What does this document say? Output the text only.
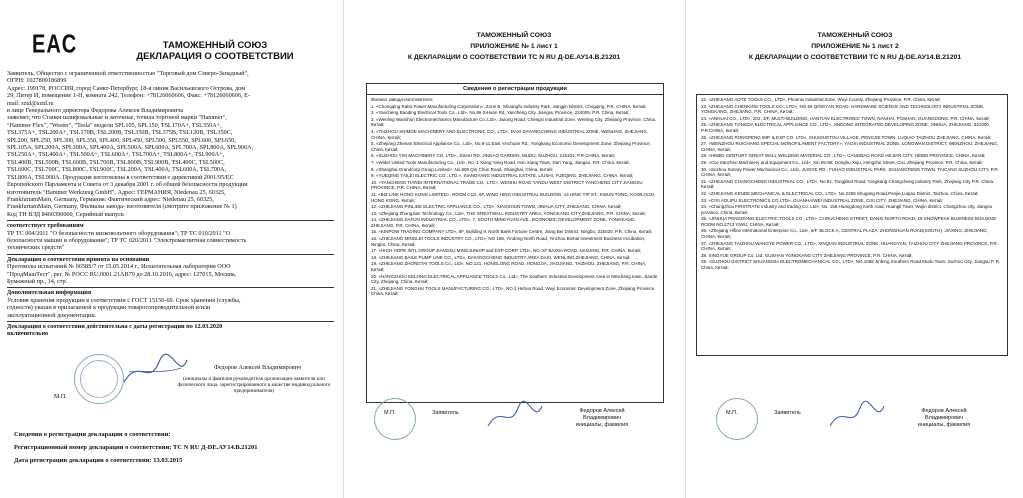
EAC	ТАМОЖЕННЫЙ СОЮЗ
ДЕКЛАРАЦИЯ О СООТВЕТСТВИИ
Заявитель, Общество с ограниченной ответственностью "Торговый дом Северо-Западный",
ОГРН: 1027809186899
Адрес: 199178, РОССИЯ, город Санкт-Петербург, 18-я линия Васильевского Острова, дом
29, Литер И, помещение 1-Н, комната 242, Телефон: +78126060606, Факс: +78126060606, E-
mail: sztd@sztd.ru
в лице Генерального директора Федорова Алексея Владимировича
заявляет, что Станки шлифовальные и заточные, точила торговой марки "Hammer",
"Hammer Flex", "Wester", "Tesla" модели SPL105, SPL150, TSL170A+, TSL350A+,
TSL375A+, TSL200A+, TSL170B, TSL200B, TSL350B, TSL375B, TSL120B, TSL350C,
SPL200, SPL250, SPL300, SPL350, SPL400, SPL450, SPL500, SPL550, SPL600, SPL650,
SPL105A, SPL200A, SPL300A, SPL400A, SPL500A, SPL600A, SPL700A, SPL800A, SPL900A,
TSL250A+, TSL400A+, TSL500A+, TSL600A+, TSL700A+, TSL800A+, TSL900A+,
TSL400B, TSL500B, TSL600B, TSL700B, TSL800B, TSL900B, TSL400C, TSL500C,
TSL600C, TSL700C, TSL800C, TSL900C, TSL200A, TSL400A, TSL600A, TSL700A,
TSL800A, TSL900A. Продукция изготовлена в соответствии с директивой 2001/95/ЕС
Европейского Парламента и Совета от 3 декабря 2001 г. об общей безопасности продукции
изготовитель "Hammer Werkzeug GmbH", Адрес: ГЕРМАНИЯ, Niedenau 25, 60325,
FrankfurtamMain, Germany, Германия. Фактический адрес: Niedenau 25, 60325,
FrankfurtamMain, Germany, Филиалы завода- изготовителя (смотрите приложение № 1)
Код ТН ВЭД 8460390000, Серийный выпуск
соответствует требованиям
ТР ТС 004/2011 "О безопасности низковольтного оборудования"; ТР ТС 010/2011 "О
безопасности машин и оборудования"; ТР ТС 020/2011 "Электромагнитная совместимость
технических средств"
Декларация о соответствии принята на основании
Протоколы испытаний № 6658S/7 от 15.05.2014 г., Испытательная лаборатория ООО
"ПродМашТест", рег. № РОСС RU.0001.21АВ79 до 28.10.2016, адрес: 127015, Москва,
Бумажный пр., 14, стр.
Дополнительная информация
Условия хранения продукции в соответствии с ГОСТ 15150-69. Срок хранения (службы,
годности) указан в прилагаемой к продукции товаросопроводительной и/или
эксплуатационной документации.
Декларация о соответствии действительна с даты регистрации по 12.03.2020
включительно
М.П.
Федоров Алексей Владимирович
(инициалы и фамилия руководителя организации-заявителя или физического лица, зарегистрированного в качестве индивидуального предпринимателя)
Сведения о регистрации декларации о соответствии:
Регистрационный номер декларации о соответствии: ТС N RU Д-DE.АУ14.В.21201
Дата регистрации декларации о соответствии: 13.03.2015
ТАМОЖЕННЫЙ СОЮЗ
ПРИЛОЖЕНИЕ № 1 лист 1
К ДЕКЛАРАЦИИ О СООТВЕТСТВИИ ТС N RU Д-DE.АУ14.В.21201
Сведения о регистрации продукции
Филиал завода-изготовителя:
1. «Chongqing Ratto Power Manufacturing Corporation», Zone B, Shuangfu Industry Park, Jiangjin District, Chogqing, P.R. CHINA, Китай;
2. «Yancheng Baoding Electrical Tools Co., Ltd», No.86 XiHuan Rd, Yancheng City, Jiangsu Province, 224005, P.R. China, Китай;
3. «Wenling Wanshun Electromechanics Manufacture Co.,Ltd», Jiulong Road, Chengxi Industrial Zone, Wenling City, Zhejiang Province, China, Китай;
4. «TAIZHOU SHIMGE MACHINERY AND ELECTRONIC CO., LTD», DAXI DAYANGCHENG INDUSTRIAL ZONE, WENLING, ZHEJIANG, CHINA, Китай;
5. «Zhejiang Zhenan Electrical Appliance Co., Ltd», No.9-11 East Yinchuan Rd., Yongkang Economic Development Zone, Zhejiang Province, China, Китай;
6. «SUZHOU YISI MACHINERY CO. LTD», JISHU RD. JINGAO GARDEN, MUDU, SUZHOU, 215101, P.R.CHINA, Китай;
7. «Wider United Tools Manufacturing Co., Ltd», No. 1 Xiang Yang Road, Hou Xiang Town, Dan Yang, Jiangsu, P.R. China, Китай;
8. «Shanghai Grandcorp Group Limited», No.808 Qin Chun Road, Shanghai, China, Китай;
9. «YUEQING TAILEI ELECTRIC CO., LTD.», XIANGYANG INDUSTRIAL ESTATE, LIUSHI, YUEQING, ZHEJIANG, CHINA, Китай;
10. «YANCHENG TIANDI INTERNATIONAL TRADE CO., LTD», WENHU ROAD YANDU WEST DISTRICT YANCHENG CITY JIANGSU PROVINCE, P.R. CHINA, Китай;
11. «BIZ LINK HONG KONG LIMITED», ROOM C1D, 6F, WING HING INDUSTRIAL BUILDING, 14 HING YIP ST., KWUN TONG, KOWLOON, HONG KONG, Китай;
12. «ZHEJIANG PINLIDE ELECTRIC APPLIANCE CO., LTD», XIAOSHUN TOWN, JINHUA CITY, ZHEJIANG, CHINA, Китай;
13. «Zhejiang ZhongJian Technology Co., Ltd», THE GREATWALL INDUSTRY AREA, YONGKANG CITY,ZHEJIANG, P.R. CHINA, Китай;
14. «ZHEJIANG SAFUN INDUSTRIAL CO., LTD», 7, SOUTH MINGYUAN AVE., ECONOMIC DEVELOPMENT ZONE, YONGKANG, ZHEJIANG, P.R. CHINA, Китай;
15. «KINPOW TRADING COMPANY LTD», 8F, Building 9, North Bank Fortune Centre, Jiang Bei District, Ningbo, 315020, P.R. China, Китай;
16. «ZHEJIANG MINGLEI TOOLS INDUSTRY CO., LTD», NO 186, Yindong North Road, Yinzhou Binhai Investment Business Incubation, Ningbo, China, Китай;
17. «HIGH HOPE INTL GROUP JIANGSU MINGJUNHIP and EXP CORP. LTD», NO. 87 BAIXIA ROAD, NANJING, P.R. CHINA, Китай;
18. «ZHEJIANG BAILE PUMP LINE CO., LTD», DAYANGCHENG INDUSTRY AREA DAXI, WENLING,ZHEJIANG, CHINA, Китай;
19. «ZHEJIANG ZHONGTAI TOOLS Co., Ltd», NO.121, HONGLONG ROAD, HONGJIA, JIAOJIANG, TAIZHOU, ZHEJIANG, P.R. CHINA, Китай;
20. «HANGZHOU KELONG ELECTRICAL APPLIANCE TOOLS Co., Ltd», The Southern Industrial Development Area in Meichang town, Jiande City, Zhejiang, China, Китай;
21. «ZHEJIANG YONGHU TOOLS MANUFACTURING CO., LTD», NO.2 Hehua Road, Wuyi Economic Development Zone, Zhejiang Province, China, Китай;
М.П.	Заявитель	Федоров Алексей Владимирович
инициалы, фамилия
ТАМОЖЕННЫЙ СОЮЗ
ПРИЛОЖЕНИЕ № 1 лист 2
К ДЕКЛАРАЦИИ О СООТВЕТСТВИИ ТС N RU Д-DE.АУ14.В.21201
22. «ZHEJIANG AOTE TOOLS CO., LTD», Phoenix Industrial Zone, Wuyi County, Zhejiang Province, P.R. China, Китай;
23. «ZHEJIANG CHENKING TOOLS CO., LTD», NO.55 QINGYAN ROAD, HARDWARE SCIENCE AND TECHNOLOGY INDUSTRIAL ZONE, YONGKANG, ZHEJIANG, P.R. CHINA, Китай;
24. «ANHUAI CO., LTD», 202, 3/F, MULTI-BUILDING, HANTIAN ELECTRONIC TOWN, NANHAI, FOSHAN, GUANGDONG, P.R. CHINA, Китай;
25. «ZHEJIANG TONGDA ELECTRICAL APPLIANCE CO., LTD», JINDONG INTEGRATED DEVELOPING ZONE, JINHUA, ZHEJIANG, 321000 P.R.CHINA, Китай;
26. «ZHEJIANG RONGPENG IMP. & EXP CO. LTD», SHUIGUETOU VILLAGE, PENGJIE TOWN, LUQIAO TAIZHOU ZHEJIANG, CHINA, Китай;
27. «WENZHOU RUICHANG SPECIAL MONOFILAMENT FACTORY», YAOXI INDUSTRIAL ZONE, LONGWAN DISTRICT, WENZHOU, ZHEJIANG, CHINA, Китай;
28. «HEBEI CENTURY GREAT WALL WELDING MATERIAL CO., LTD», CANGBAO ROAD HEJIAN CITY, HEBEI PROVINCE, CHINA, Китай;
29. «Cixi Sanzhen Machinery and Equipment Co., Ltd», Xin 55-58, Donghu Xiqu, Hengzhe Street, Cixi, Zhejiang Province, P.R. China, Китай;
30. «Suzhou Sunray Power Mechanical Co., Ltd», JIANYE RD., FUHAO INDUSTRIAL PARK, SHUANGFENG TOWN, TAICANG SUZHOU CITY, P.R. CHINA, Китай;
31. «ZHEJIANG CHANGCHENG INDUSTRIAL CO., LTD», No.81, Tongjilind Road, Yongkang Changcheng Industry Park, Zhejiang City P.R. China, Китай;
32. «ZHEJIANG KENDE MECHANICAL & ELECTRICAL CO., LTD», No.2299 Shugang Road,Penjie,Luqiao District, Taizhou, China, Китай;
33. «CIXI AOLIPU ELECTRONICS CO LTD», GUANHAIWEI INDUSTRIAL ZONE, CIXI CITY, ZHEJIANG, CHINA, Китай;
34. «Changzhou FIRSTRATE industry and trading Co. Ltd», No. 158,Huangdong north road, Huangli Town, Wujin district, Changzhou city, Jiangsu province, China, Китай;
35. «JINHUA PENGDONG ELECTRIC TOOLS CO., LTD», CHOUCHENG STREET, DANXI NORTH ROAD, 18 SNOWPEAK BUSINESS BUILDING ROOM NO.2713 YIWU, CHINA, Китай;
36. «Zhejiang Hifine International Enterprise Co., Ltd», 6/F. BLOCK A, CENTRAL PLAZA, ZHONGHUAN ROAD(SOUTH), JIAXING, ZHEJIANG, CHINA, Китай;
37. «ZHEJIANG TAIZHOU WANGYE POWER CO., LTD», XINQIAN INDUSTRIAL ZONE, HUANGYAN, TAIZHOU CITY ZHEJIANG PROVINCE, P.R. CHINA, Китай;
38. XINGYUE GROUP Co. Ltd, GUSHAN YONGKANG CITY ZHEJIANG PROVINCE, P.R. CHINA, Китай;
39. «SUZHOU DISTRICT SHUANGMA ELECTROMECHANICAL CO., LTD», NO.1066 Jinfeng Southern Road Mudu Town, Suzhou City, Jiangsu P. R. China, Китай;
М.П.	Заявитель	Федоров Алексей Владимирович
инициалы, фамилия
